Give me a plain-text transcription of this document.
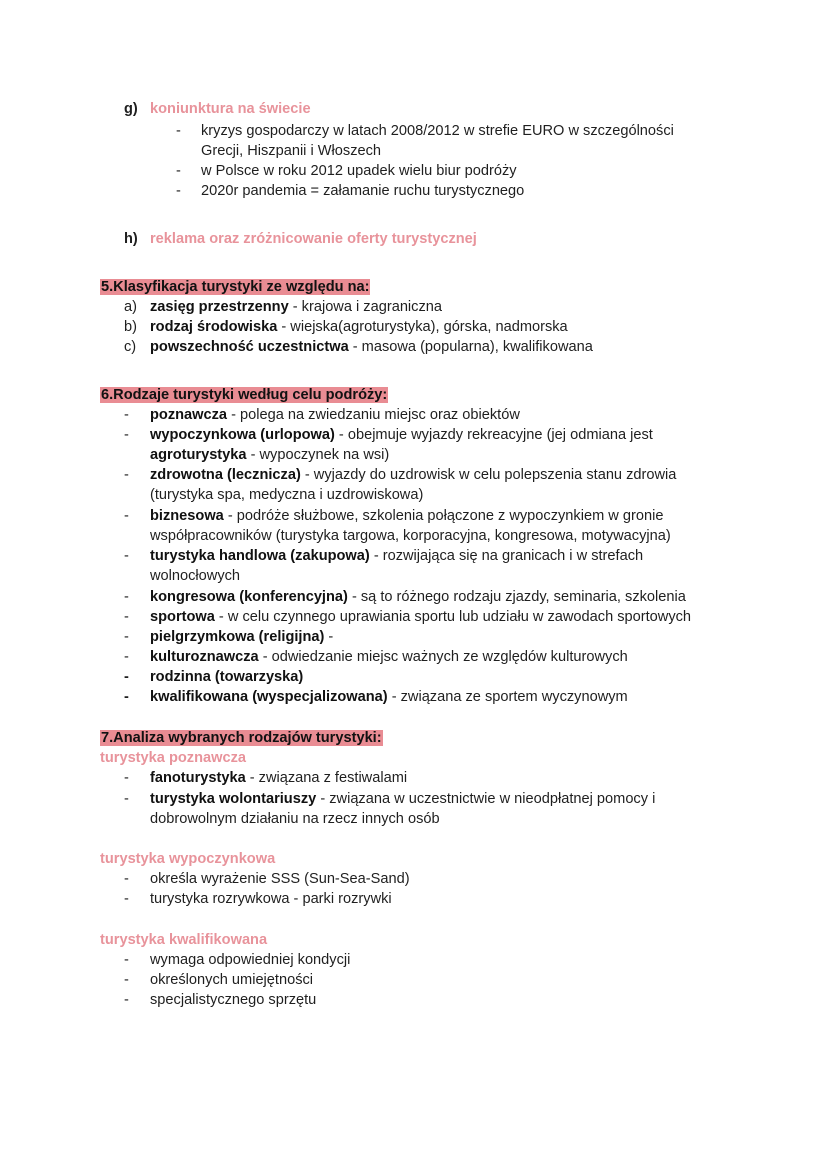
g) koniunktura na świecie
- kryzys gospodarczy w latach 2008/2012 w strefie EURO w szczególności
Grecji, Hiszpanii i Włoszech
- w Polsce w roku 2012 upadek wielu biur podróży
- 2020r pandemia = załamanie ruchu turystycznego
h) reklama oraz zróżnicowanie oferty turystycznej
5.Klasyfikacja turystyki ze względu na:
a) zasięg przestrzenny - krajowa i zagraniczna
b) rodzaj środowiska - wiejska(agroturystyka), górska, nadmorska
c) powszechność uczestnictwa - masowa (popularna), kwalifikowana
6.Rodzaje turystyki według celu podróży:
- poznawcza - polega na zwiedzaniu miejsc oraz obiektów
- wypoczynkowa (urlopowa) - obejmuje wyjazdy rekreacyjne (jej odmiana jest
agroturystyka - wypoczynek na wsi)
- zdrowotna (lecznicza) - wyjazdy do uzdrowisk w celu polepszenia stanu zdrowia
(turystyka spa, medyczna i uzdrowiskowa)
- biznesowa - podróże służbowe, szkolenia połączone z wypoczynkiem w gronie
współpracowników (turystyka targowa, korporacyjna, kongresowa, motywacyjna)
- turystyka handlowa (zakupowa) - rozwijająca się na granicach i w strefach
wolnocłowych
- kongresowa (konferencyjna) - są to różnego rodzaju zjazdy, seminaria, szkolenia
- sportowa - w celu czynnego uprawiania sportu lub udziału w zawodach sportowych
- pielgrzymkowa (religijna) -
- kulturoznawcza - odwiedzanie miejsc ważnych ze względów kulturowych
- rodzinna (towarzyska)
- kwalifikowana (wyspecjalizowana) - związana ze sportem wyczynowym
7.Analiza wybranych rodzajów turystyki:
turystyka poznawcza
- fanoturystyka - związana z festiwalami
- turystyka wolontariuszy - związana w uczestnictwie w nieodpłatnej pomocy i
dobrowolnym działaniu na rzecz innych osób
turystyka wypoczynkowa
- określa wyrażenie SSS (Sun-Sea-Sand)
- turystyka rozrywkowa - parki rozrywki
turystyka kwalifikowana
- wymaga odpowiedniej kondycji
- określonych umiejętności
- specjalistycznego sprzętu
